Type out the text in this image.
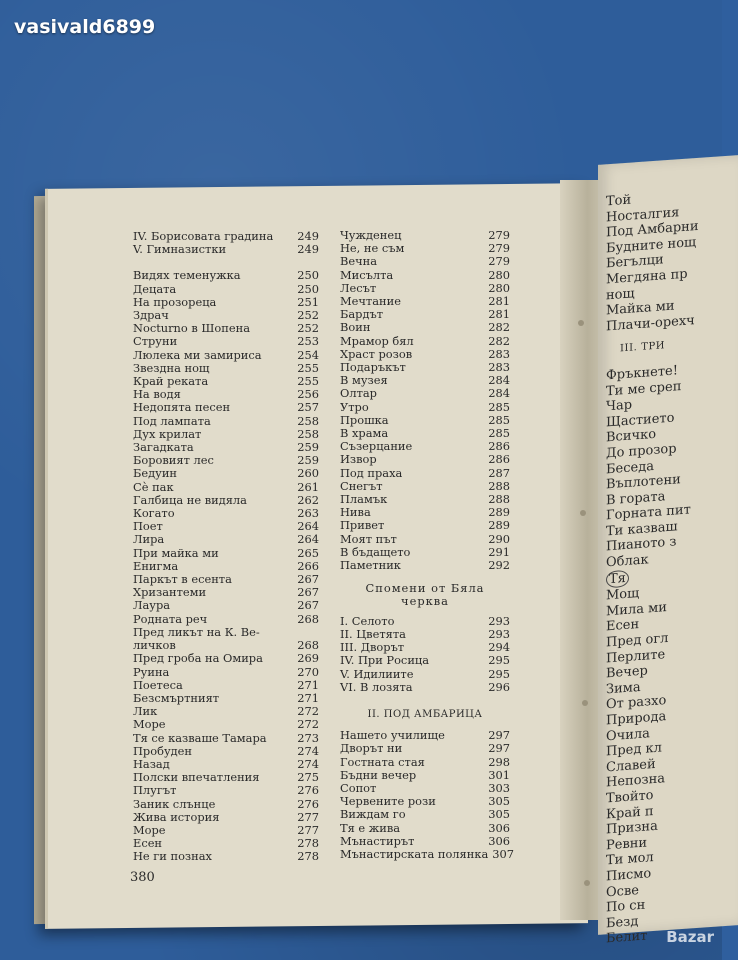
vasivald6899
Той
Носталгия
Под Амбарни
Будните нощ
Бегълци
Мегдяна пр
нощ
Майка ми
Плачи-орехч
III. ТРИ
Фръкнете!
Ти ме среп
Чар
Щастието
Всичко
До прозор
Беседа
Въплотени
В гората
Горната пит
Ти казваш
Пианото з
Облак
Тя

Мощ
Мила ми
Есен
Пред огл
Перлите
Вечер
Зима
От разхо
Природа
Очила
Пред кл
Славей
Непозна
Твойто
Край п
Призна
Ревни
Ти мол
Писмо
Осве
По сн
Безд
Белит
IV. Борисовата градина	249
V. Гимназистки	249
Видях теменужка	250
Децата	250
На прозореца	251
Здрач	252
Nocturno в Шопена	252
Струни	253
Люлека ми замириса	254
Звездна нощ	255
Край реката	255
На водя	256
Недопята песен	257
Под лампата	258
Дух крилат	258
Загадката	259
Боровият лес	259
Бедуин	260
Сè пак	261
Галбица не видяла	262
Когато	263
Поет	264
Лира	264
При майка ми	265
Енигма	266
Паркът в есента	267
Хризантеми	267
Лаура	267
Родната реч	268
Пред ликът на К. Ве-
личков	268
Пред гроба на Омира	269
Руина	270
Поетеса	271
Безсмъртният	271
Лик	272
Море	272
Тя се казваше Тамара	273
Пробуден	274
Назад	274
Полски впечатления	275
Плугът	276
Заник слънце	276
Жива история	277
Море	277
Есен	278
Не ги познах	278
Чужденец	279
Не, не съм	279
Вечна	279
Мисълта	280
Лесът	280
Мечтание	281
Бардът	281
Воин	282
Мрамор бял	282
Храст розов	283
Подаръкът	283
В музея	284
Олтар	284
Утро	285
Прошка	285
В храма	285
Съзерцание	286
Извор	286
Под праха	287
Снегът	288
Пламък	288
Нива	289
Привет	289
Моят път	290
В бъдащето	291
Паметник	292
Спомени от Бяла
черква
I. Селото	293
II. Цветята	293
III. Дворът	294
IV. При Росица	295
V. Идилиите	295
VI. В лозята	296
II. ПОД АМБАРИЦА
Нашето училище	297
Дворът ни	297
Гостната стая	298
Бъдни вечер	301
Сопот	303
Червените рози	305
Виждам го	305
Тя е жива	306
Мънастирът	306
Мънастирската полянка 307
380
Bazar
